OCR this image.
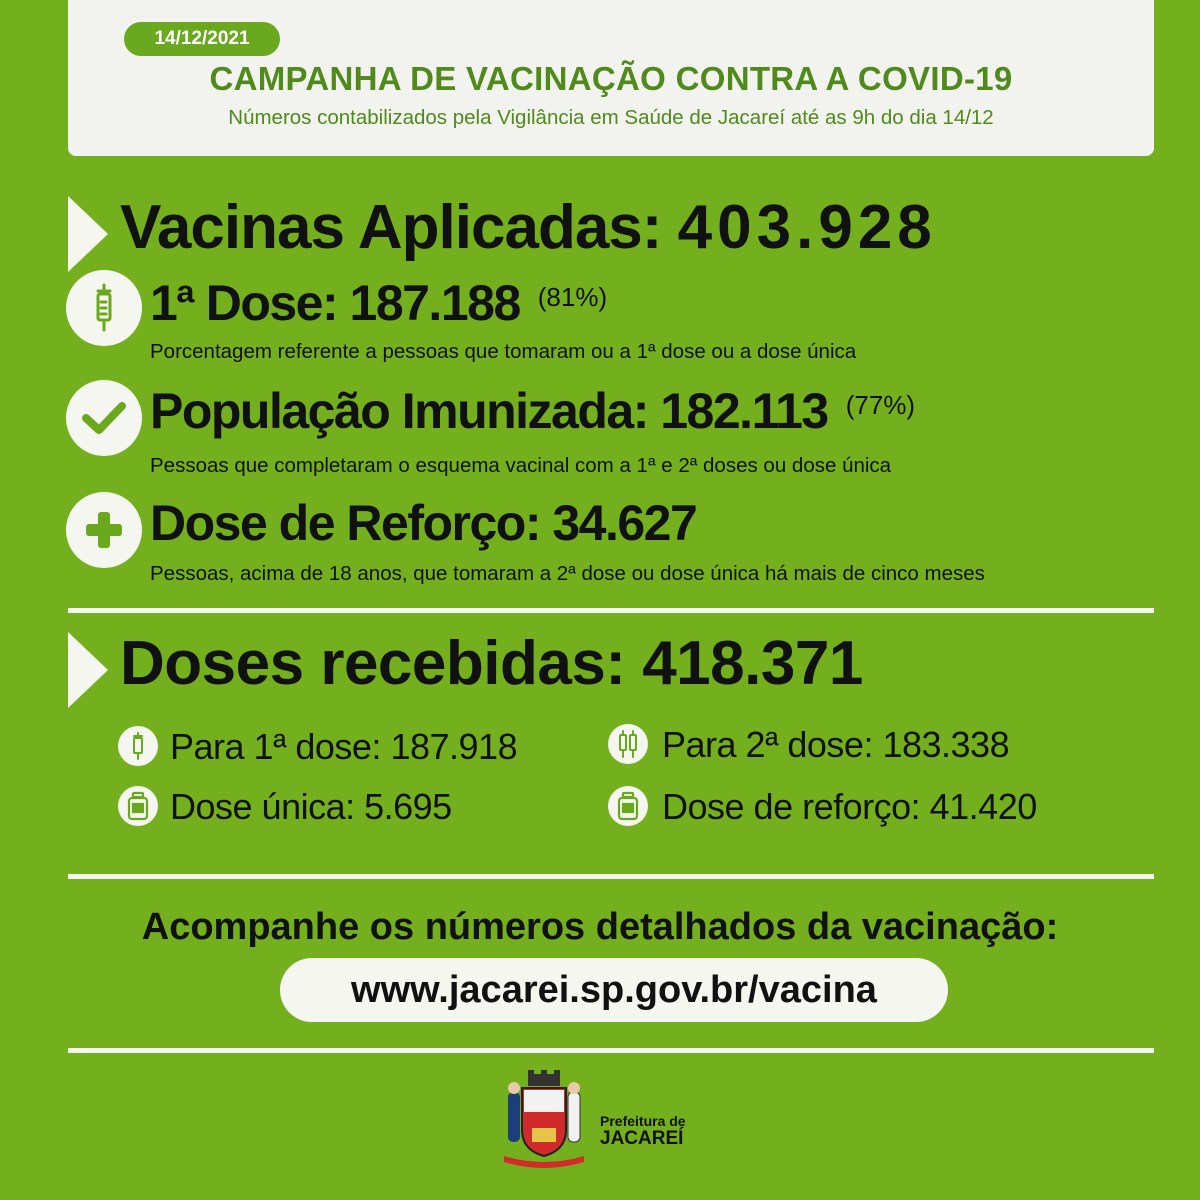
14/12/2021
CAMPANHA DE VACINAÇÃO CONTRA A COVID-19
Números contabilizados pela Vigilância em Saúde de Jacareí até as 9h do dia 14/12
Vacinas Aplicadas: 403.928
1ª Dose: 187.188 $^{(81\%)}$
Porcentagem referente a pessoas que tomaram ou a 1ª dose ou a dose única
População Imunizada: 182.113 $^{(77\%)}$
Pessoas que completaram o esquema vacinal com a 1ª e 2ª doses ou dose única
Dose de Reforço: 34.627
Pessoas, acima de 18 anos, que tomaram a 2ª dose ou dose única há mais de cinco meses
Doses recebidas: 418.371
Para 1ª dose: 187.918	Para 2ª dose: 183.338
Dose única: 5.695	Dose de reforço: 41.420
Acompanhe os números detalhados da vacinação:
www.jacarei.sp.gov.br/vacina
Prefeitura de
JACAREÍ
